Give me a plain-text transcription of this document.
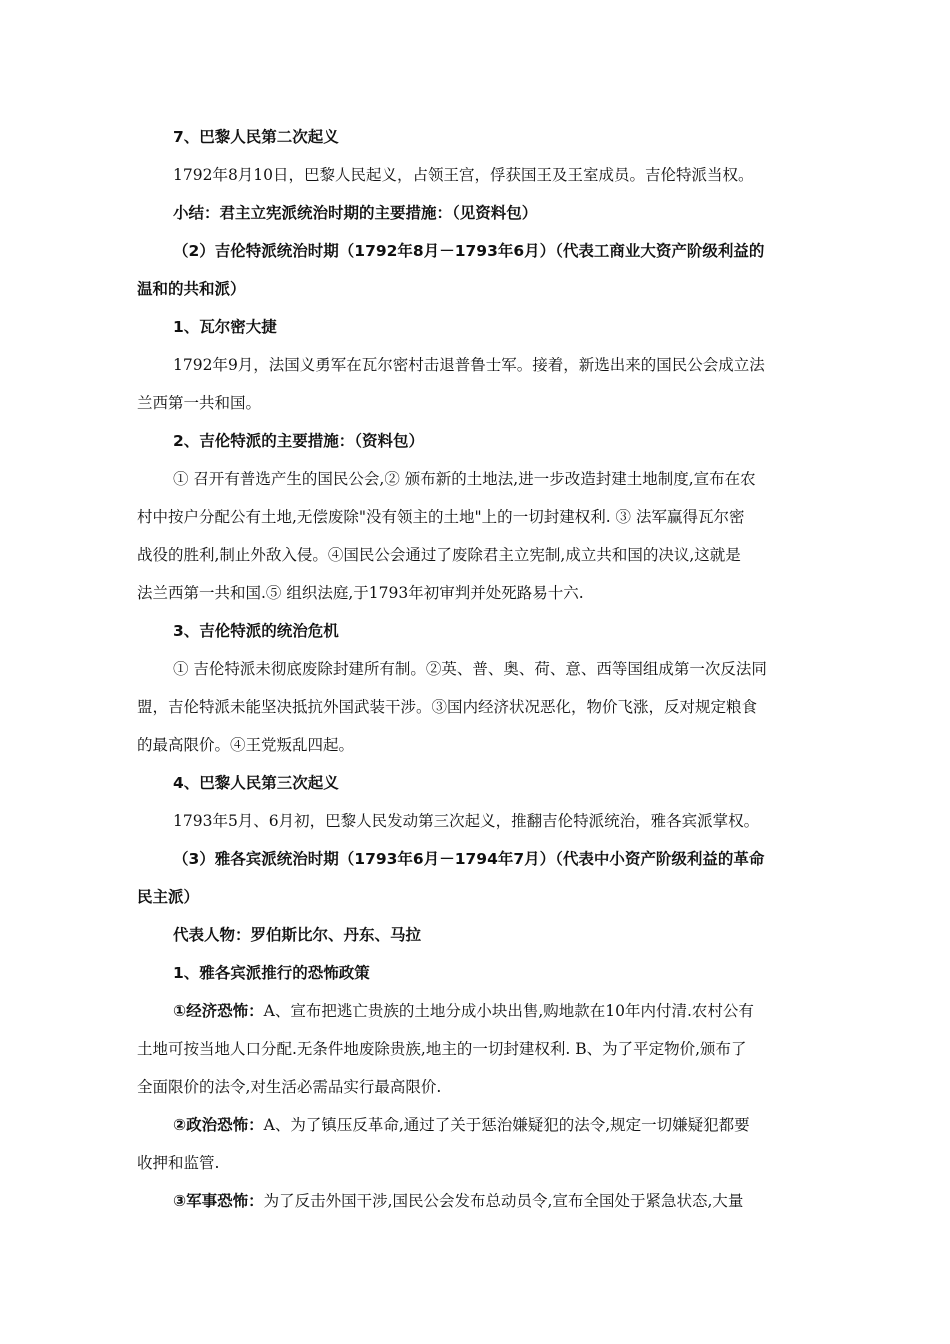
7、巴黎人民第二次起义
1792年8月10日，巴黎人民起义，占领王宫，俘获国王及王室成员。吉伦特派当权。
小结：君主立宪派统治时期的主要措施：（见资料包）
（2）吉伦特派统治时期（1792年8月－1793年6月）（代表工商业大资产阶级利益的
温和的共和派）
1、瓦尔密大捷
1792年9月，法国义勇军在瓦尔密村击退普鲁士军。接着，新选出来的国民公会成立法
兰西第一共和国。
2、吉伦特派的主要措施：（资料包）
① 召开有普选产生的国民公会,② 颁布新的土地法,进一步改造封建土地制度,宣布在农
村中按户分配公有土地,无偿废除"没有领主的土地"上的一切封建权利. ③ 法军赢得瓦尔密
战役的胜利,制止外敌入侵。④国民公会通过了废除君主立宪制,成立共和国的决议,这就是
法兰西第一共和国.⑤ 组织法庭,于1793年初审判并处死路易十六.
3、吉伦特派的统治危机
① 吉伦特派未彻底废除封建所有制。②英、普、奥、荷、意、西等国组成第一次反法同
盟，吉伦特派未能坚决抵抗外国武装干涉。③国内经济状况恶化，物价飞涨，反对规定粮食
的最高限价。④王党叛乱四起。
4、巴黎人民第三次起义
1793年5月、6月初，巴黎人民发动第三次起义，推翻吉伦特派统治，雅各宾派掌权。
（3）雅各宾派统治时期（1793年6月－1794年7月）（代表中小资产阶级利益的革命
民主派）
代表人物：罗伯斯比尔、丹东、马拉
1、雅各宾派推行的恐怖政策
①经济恐怖：A、宣布把逃亡贵族的土地分成小块出售,购地款在10年内付清.农村公有
土地可按当地人口分配.无条件地废除贵族,地主的一切封建权利. B、为了平定物价,颁布了
全面限价的法令,对生活必需品实行最高限价.
②政治恐怖：A、为了镇压反革命,通过了关于惩治嫌疑犯的法令,规定一切嫌疑犯都要
收押和监管.
③军事恐怖：为了反击外国干涉,国民公会发布总动员令,宣布全国处于紧急状态,大量
